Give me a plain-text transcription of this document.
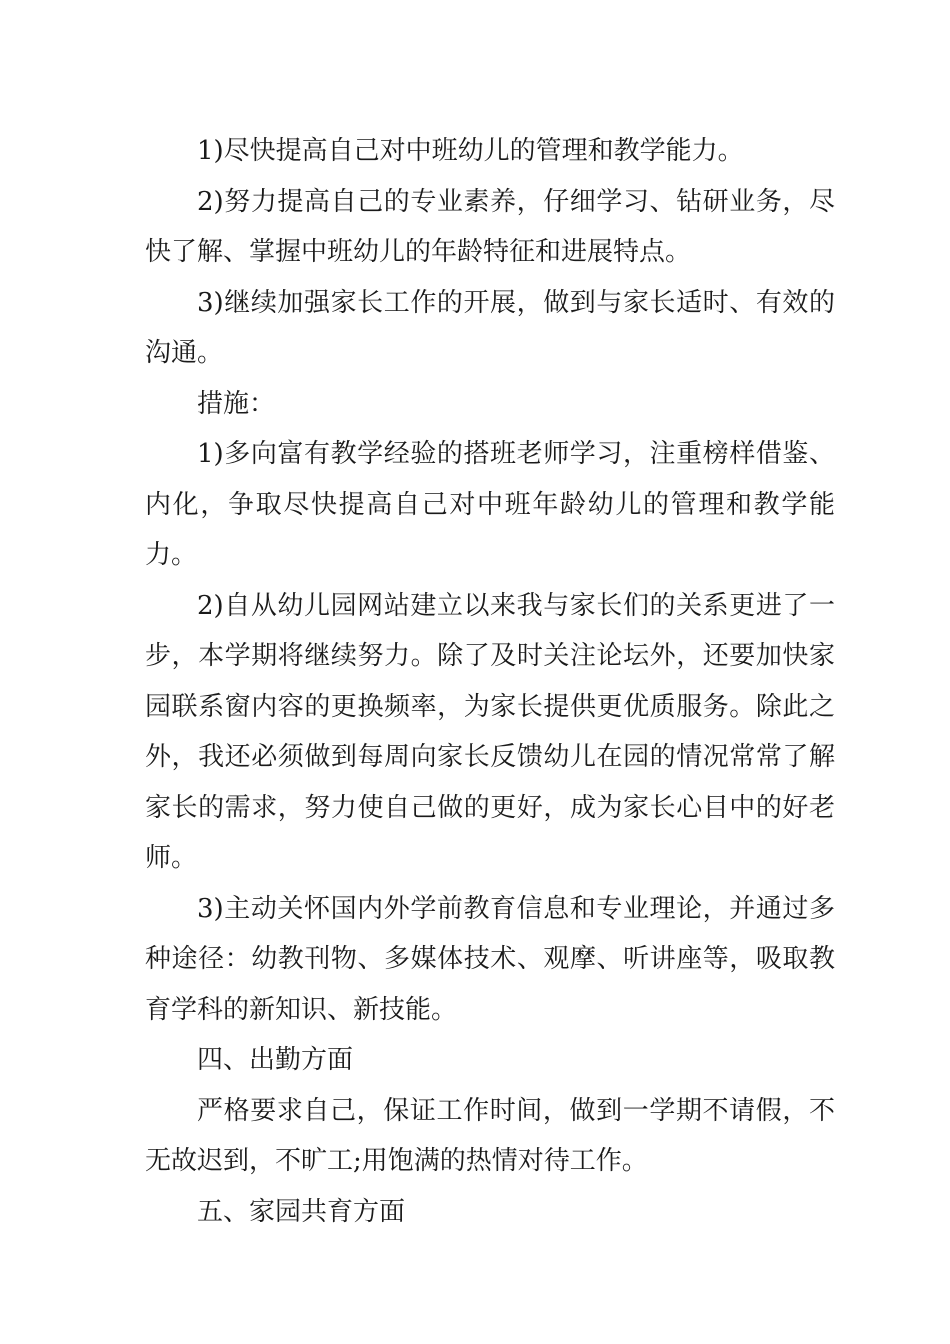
1)尽快提高自己对中班幼儿的管理和教学能力。

2)努力提高自己的专业素养，仔细学习、钻研业务，尽快了解、掌握中班幼儿的年龄特征和进展特点。

3)继续加强家长工作的开展，做到与家长适时、有效的沟通。

措施：

1)多向富有教学经验的搭班老师学习，注重榜样借鉴、内化，争取尽快提高自己对中班年龄幼儿的管理和教学能力。

2)自从幼儿园网站建立以来我与家长们的关系更进了一步，本学期将继续努力。除了及时关注论坛外，还要加快家园联系窗内容的更换频率，为家长提供更优质服务。除此之外，我还必须做到每周向家长反馈幼儿在园的情况常常了解家长的需求，努力使自己做的更好，成为家长心目中的好老师。

3)主动关怀国内外学前教育信息和专业理论，并通过多种途径：幼教刊物、多媒体技术、观摩、听讲座等，吸取教育学科的新知识、新技能。

四、出勤方面

严格要求自己，保证工作时间，做到一学期不请假，不无故迟到，不旷工;用饱满的热情对待工作。

五、家园共育方面
